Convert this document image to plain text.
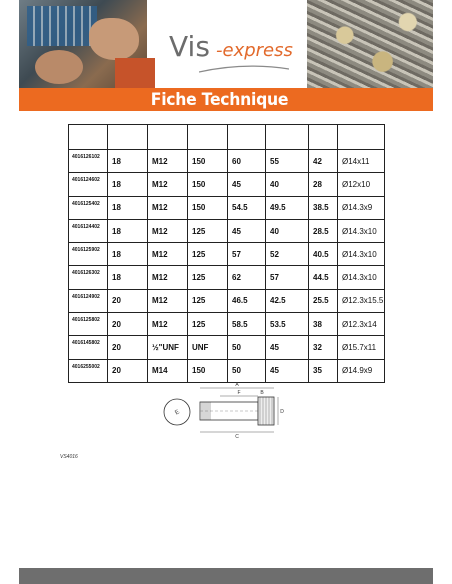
Vis -express
Fiche Technique

4016126102	18	M12	150	60	55	42	Ø14x11
4016124602	18	M12	150	45	40	28	Ø12x10
4016125402	18	M12	150	54.5	49.5	38.5	Ø14.3x9
4016124402	18	M12	125	45	40	28.5	Ø14.3x10
4016125902	18	M12	125	57	52	40.5	Ø14.3x10
4016126302	18	M12	125	62	57	44.5	Ø14.3x10
4016124902	20	M12	125	46.5	42.5	25.5	Ø12.3x15.5
4016125802	20	M12	125	58.5	53.5	38	Ø12.3x14
4016145802	20	½"UNF	UNF	50	45	32	Ø15.7x11
4016255002	20	M14	150	50	45	35	Ø14.9x9
E
A
F
C
D
B
VS4016
